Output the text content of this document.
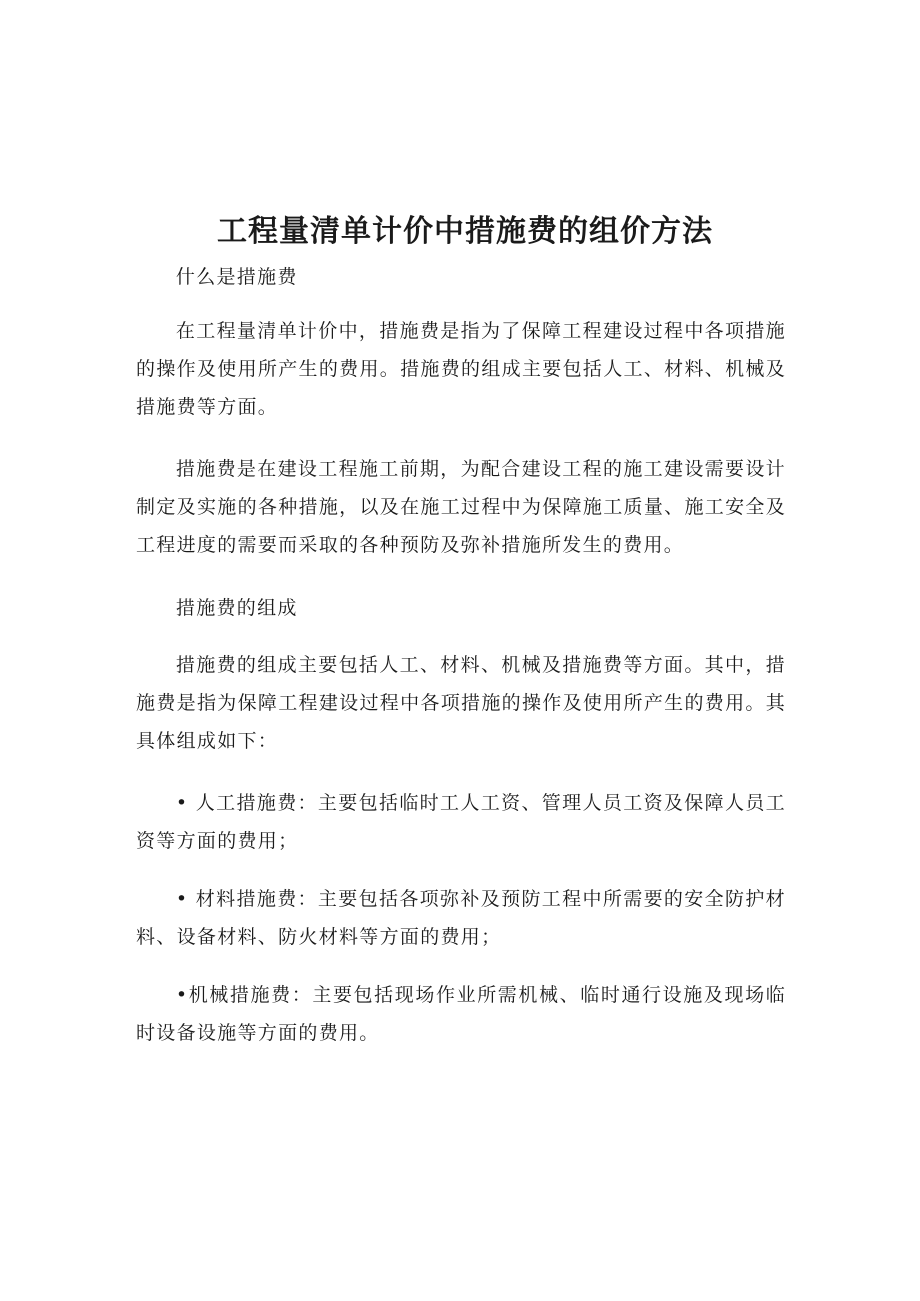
工程量清单计价中措施费的组价方法

什么是措施费

在工程量清单计价中，措施费是指为了保障工程建设过程中各项措施的操作及使用所产生的费用。措施费的组成主要包括人工、材料、机械及措施费等方面。

措施费是在建设工程施工前期，为配合建设工程的施工建设需要设计制定及实施的各种措施，以及在施工过程中为保障施工质量、施工安全及工程进度的需要而采取的各种预防及弥补措施所发生的费用。

措施费的组成

措施费的组成主要包括人工、材料、机械及措施费等方面。其中，措施费是指为保障工程建设过程中各项措施的操作及使用所产生的费用。其具体组成如下：

• 人工措施费：主要包括临时工人工资、管理人员工资及保障人员工资等方面的费用；

• 材料措施费：主要包括各项弥补及预防工程中所需要的安全防护材料、设备材料、防火材料等方面的费用；

•机械措施费：主要包括现场作业所需机械、临时通行设施及现场临时设备设施等方面的费用。
